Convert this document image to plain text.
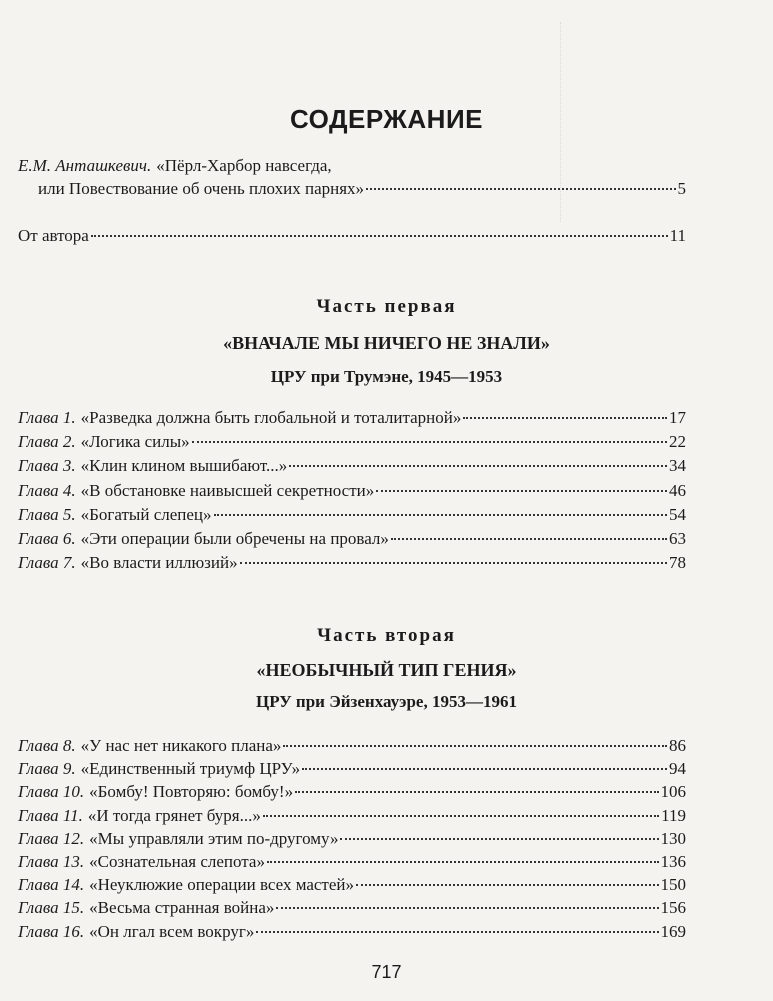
СОДЕРЖАНИЕ
Е.М. Анташкевич. «Пёрл-Харбор навсегда,
или Повествование об очень плохих парнях»	5
От автора	11
Часть первая
«ВНАЧАЛЕ МЫ НИЧЕГО НЕ ЗНАЛИ»
ЦРУ при Трумэне, 1945—1953
Глава 1. «Разведка должна быть глобальной и тоталитарной»	17
Глава 2. «Логика силы»	22
Глава 3. «Клин клином вышибают...»	34
Глава 4. «В обстановке наивысшей секретности»	46
Глава 5. «Богатый слепец»	54
Глава 6. «Эти операции были обречены на провал»	63
Глава 7. «Во власти иллюзий»	78
Часть вторая
«НЕОБЫЧНЫЙ ТИП ГЕНИЯ»
ЦРУ при Эйзенхауэре, 1953—1961
Глава 8. «У нас нет никакого плана»	86
Глава 9. «Единственный триумф ЦРУ»	94
Глава 10. «Бомбу! Повторяю: бомбу!»	106
Глава 11. «И тогда грянет буря...»	119
Глава 12. «Мы управляли этим по-другому»	130
Глава 13. «Сознательная слепота»	136
Глава 14. «Неуклюжие операции всех мастей»	150
Глава 15. «Весьма странная война»	156
Глава 16. «Он лгал всем вокруг»	169
717
